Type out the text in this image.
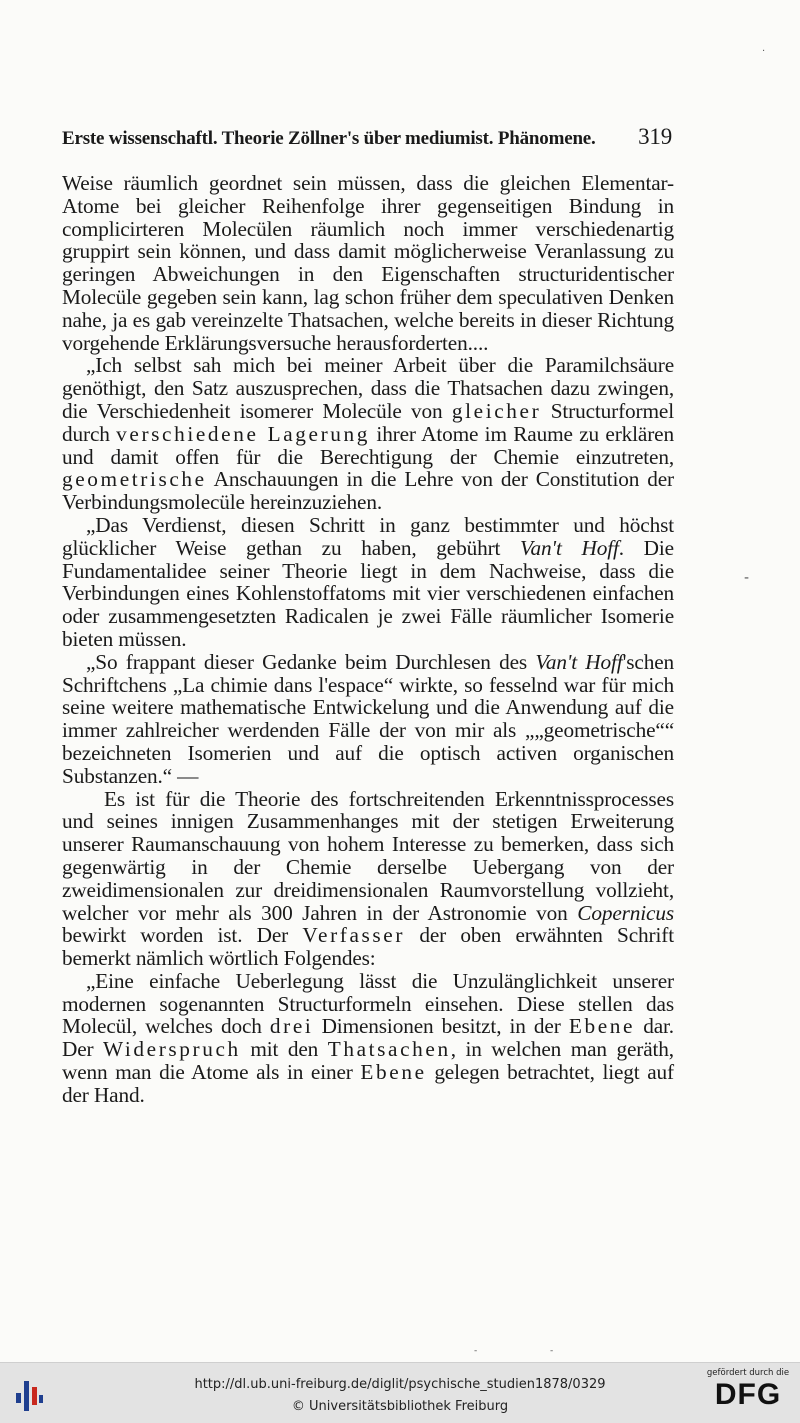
Erste wissenschaftl. Theorie Zöllner's über mediumist. Phänomene. 319
·
-

Weise räumlich geordnet sein müssen, dass die gleichen Elementar-Atome bei gleicher Reihenfolge ihrer gegenseitigen Bindung in complicirteren Molecülen räumlich noch immer verschiedenartig gruppirt sein können, und dass damit möglicherweise Veranlassung zu geringen Abweichungen in den Eigenschaften structuridentischer Molecüle gegeben sein kann, lag schon früher dem speculativen Denken nahe, ja es gab vereinzelte Thatsachen, welche bereits in dieser Richtung vorgehende Erklärungsversuche herausforderten....

„Ich selbst sah mich bei meiner Arbeit über die Paramilchsäure genöthigt, den Satz auszusprechen, dass die Thatsachen dazu zwingen, die Verschiedenheit isomerer Molecüle von gleicher Structurformel durch verschiedene Lagerung ihrer Atome im Raume zu erklären und damit offen für die Berechtigung der Chemie einzutreten, geometrische Anschauungen in die Lehre von der Constitution der Verbindungsmolecüle hereinzuziehen.

„Das Verdienst, diesen Schritt in ganz bestimmter und höchst glücklicher Weise gethan zu haben, gebührt Van't Hoff. Die Fundamentalidee seiner Theorie liegt in dem Nachweise, dass die Verbindungen eines Kohlenstoffatoms mit vier verschiedenen einfachen oder zusammengesetzten Radicalen je zwei Fälle räumlicher Isomerie bieten müssen.

„So frappant dieser Gedanke beim Durchlesen des Van't Hoff'schen Schriftchens „La chimie dans l'espace“ wirkte, so fesselnd war für mich seine weitere mathematische Entwickelung und die Anwendung auf die immer zahlreicher werdenden Fälle der von mir als „„geometrische““ bezeichneten Isomerien und auf die optisch activen organischen Substanzen.“ —

Es ist für die Theorie des fortschreitenden Erkenntnissprocesses und seines innigen Zusammenhanges mit der stetigen Erweiterung unserer Raumanschauung von hohem Interesse zu bemerken, dass sich gegenwärtig in der Chemie derselbe Uebergang von der zweidimensionalen zur dreidimensionalen Raumvorstellung vollzieht, welcher vor mehr als 300 Jahren in der Astronomie von Copernicus bewirkt worden ist. Der Verfasser der oben erwähnten Schrift bemerkt nämlich wörtlich Folgendes:

„Eine einfache Ueberlegung lässt die Unzulänglichkeit unserer modernen sogenannten Structurformeln einsehen. Diese stellen das Molecül, welches doch drei Dimensionen besitzt, in der Ebene dar. Der Widerspruch mit den Thatsachen, in welchen man geräth, wenn man die Atome als in einer Ebene gelegen betrachtet, liegt auf der Hand.

-	-
http://dl.ub.uni-freiburg.de/diglit/psychische_studien1878/0329
© Universitätsbibliothek Freiburg
gefördert durch die
DFG
